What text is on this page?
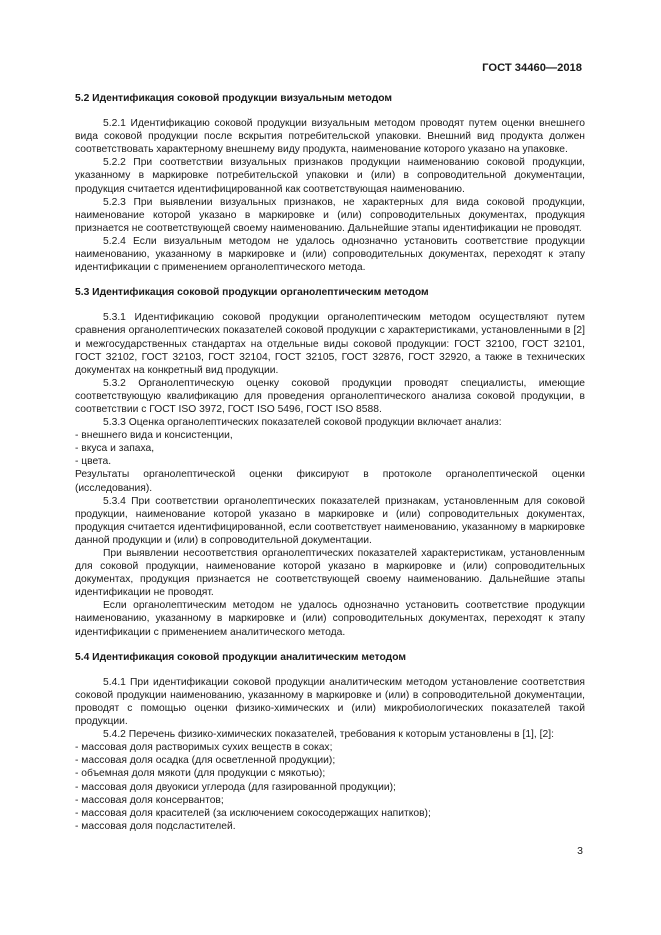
ГОСТ 34460—2018
5.2 Идентификация соковой продукции визуальным методом

5.2.1 Идентификацию соковой продукции визуальным методом проводят путем оценки внешнего вида соковой продукции после вскрытия потребительской упаковки. Внешний вид продукта должен соответствовать характерному внешнему виду продукта, наименование которого указано на упаковке.

5.2.2 При соответствии визуальных признаков продукции наименованию соковой продукции, указанному в маркировке потребительской упаковки и (или) в сопроводительной документации, продукция считается идентифицированной как соответствующая наименованию.

5.2.3 При выявлении визуальных признаков, не характерных для вида соковой продукции, наименование которой указано в маркировке и (или) сопроводительных документах, продукция признается не соответствующей своему наименованию. Дальнейшие этапы идентификации не проводят.

5.2.4 Если визуальным методом не удалось однозначно установить соответствие продукции наименованию, указанному в маркировке и (или) сопроводительных документах, переходят к этапу идентификации с применением органолептического метода.

5.3 Идентификация соковой продукции органолептическим методом

5.3.1 Идентификацию соковой продукции органолептическим методом осуществляют путем сравнения органолептических показателей соковой продукции с характеристиками, установленными в [2] и межгосударственных стандартах на отдельные виды соковой продукции: ГОСТ 32100, ГОСТ 32101, ГОСТ 32102, ГОСТ 32103, ГОСТ 32104, ГОСТ 32105, ГОСТ 32876, ГОСТ 32920, а также в технических документах на конкретный вид продукции.

5.3.2 Органолептическую оценку соковой продукции проводят специалисты, имеющие соответствующую квалификацию для проведения органолептического анализа соковой продукции, в соответствии с ГОСТ ISO 3972, ГОСТ ISO 5496, ГОСТ ISO 8588.

5.3.3 Оценка органолептических показателей соковой продукции включает анализ:

- внешнего вида и консистенции,

- вкуса и запаха,

- цвета.

Результаты органолептической оценки фиксируют в протоколе органолептической оценки (исследования).

5.3.4 При соответствии органолептических показателей признакам, установленным для соковой продукции, наименование которой указано в маркировке и (или) сопроводительных документах, продукция считается идентифицированной, если соответствует наименованию, указанному в маркировке данной продукции и (или) в сопроводительной документации.

При выявлении несоответствия органолептических показателей характеристикам, установленным для соковой продукции, наименование которой указано в маркировке и (или) сопроводительных документах, продукция признается не соответствующей своему наименованию. Дальнейшие этапы идентификации не проводят.

Если органолептическим методом не удалось однозначно установить соответствие продукции наименованию, указанному в маркировке и (или) сопроводительных документах, переходят к этапу идентификации с применением аналитического метода.

5.4 Идентификация соковой продукции аналитическим методом

5.4.1 При идентификации соковой продукции аналитическим методом установление соответствия соковой продукции наименованию, указанному в маркировке и (или) в сопроводительной документации, проводят с помощью оценки физико-химических и (или) микробиологических показателей такой продукции.

5.4.2 Перечень физико-химических показателей, требования к которым установлены в [1], [2]:

- массовая доля растворимых сухих веществ в соках;

- массовая доля осадка (для осветленной продукции);

- объемная доля мякоти (для продукции с мякотью);

- массовая доля двуокиси углерода (для газированной продукции);

- массовая доля консервантов;

- массовая доля красителей (за исключением сокосодержащих напитков);

- массовая доля подсластителей.

3
